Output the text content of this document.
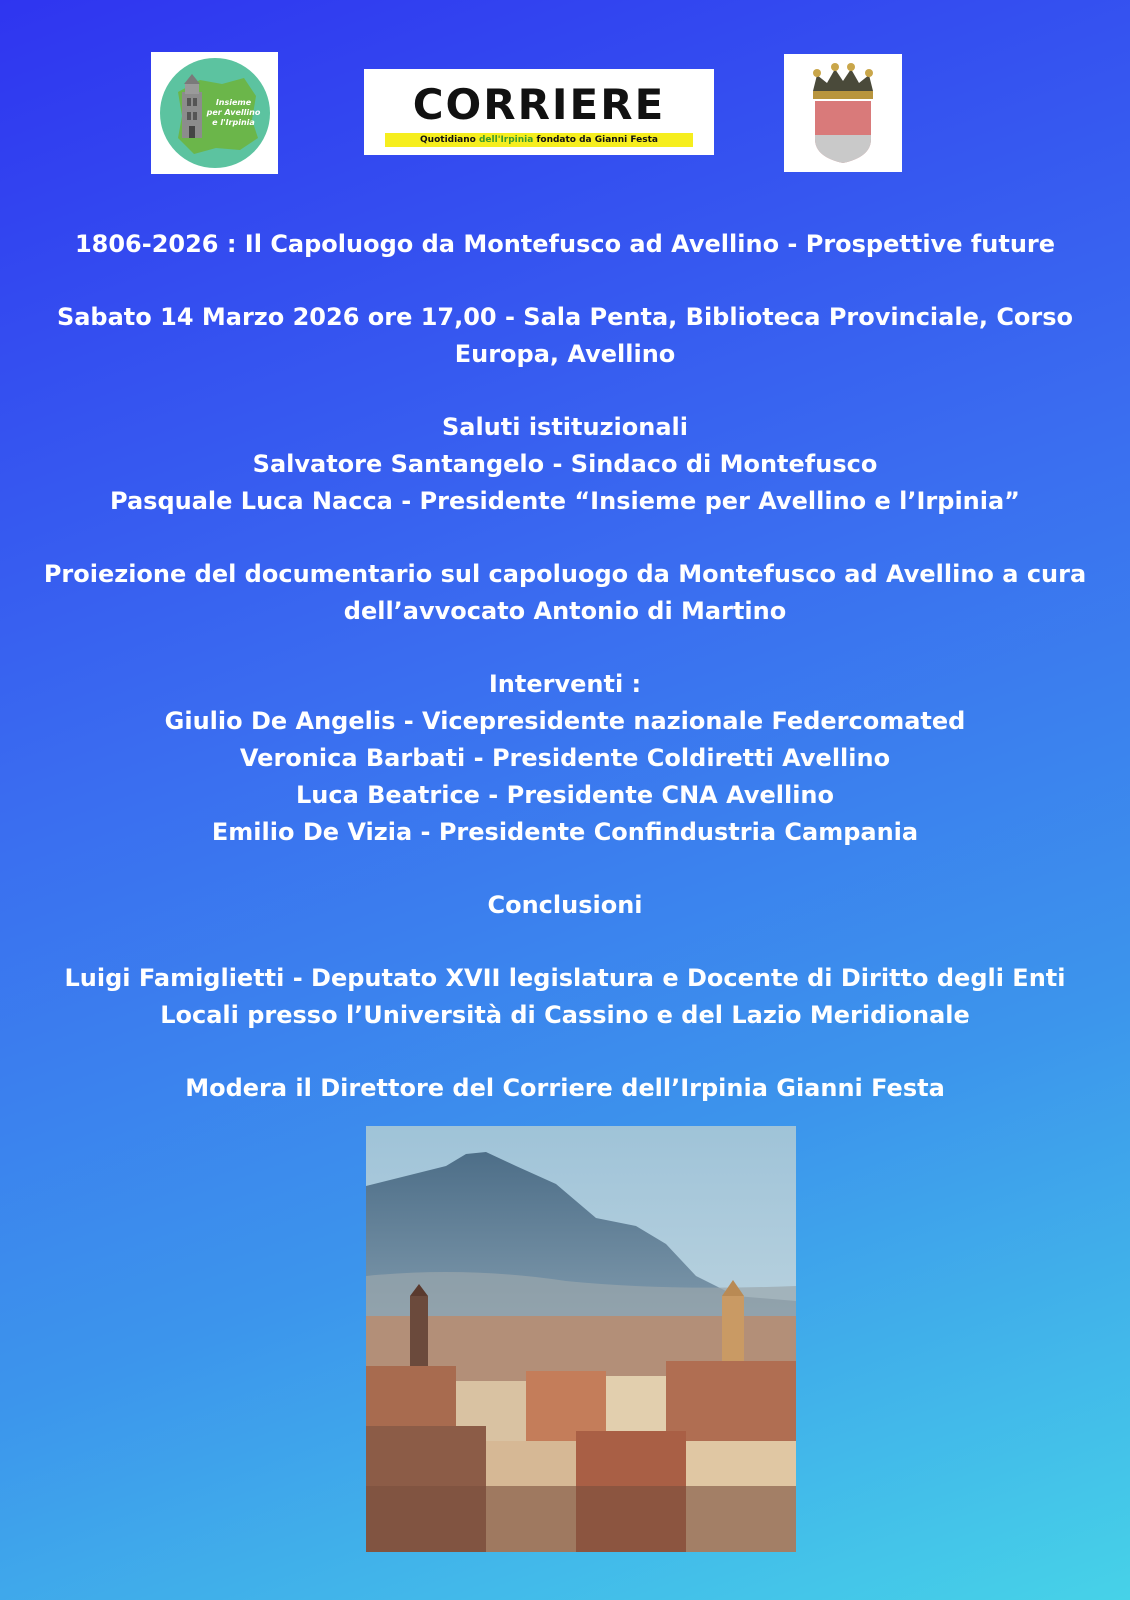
Insieme
per Avellino
e l'Irpinia	CORRIERE
Quotidiano dell'Irpinia fondato da Gianni Festa

1806-2026 : Il Capoluogo da Montefusco ad Avellino - Prospettive future

Sabato 14 Marzo 2026 ore 17,00 - Sala Penta, Biblioteca Provinciale, Corso

Europa, Avellino

Saluti istituzionali

Salvatore Santangelo - Sindaco di Montefusco

Pasquale Luca Nacca - Presidente “Insieme per Avellino e l’Irpinia”

Proiezione del documentario sul capoluogo da Montefusco ad Avellino a cura

dell’avvocato Antonio di Martino

Interventi :

Giulio De Angelis - Vicepresidente nazionale Federcomated

Veronica Barbati - Presidente Coldiretti Avellino

Luca Beatrice - Presidente CNA Avellino

Emilio De Vizia - Presidente Confindustria Campania

Conclusioni

Luigi Famiglietti - Deputato XVII legislatura e Docente di Diritto degli Enti

Locali presso l’Università di Cassino e del Lazio Meridionale

Modera il Direttore del Corriere dell’Irpinia Gianni Festa
